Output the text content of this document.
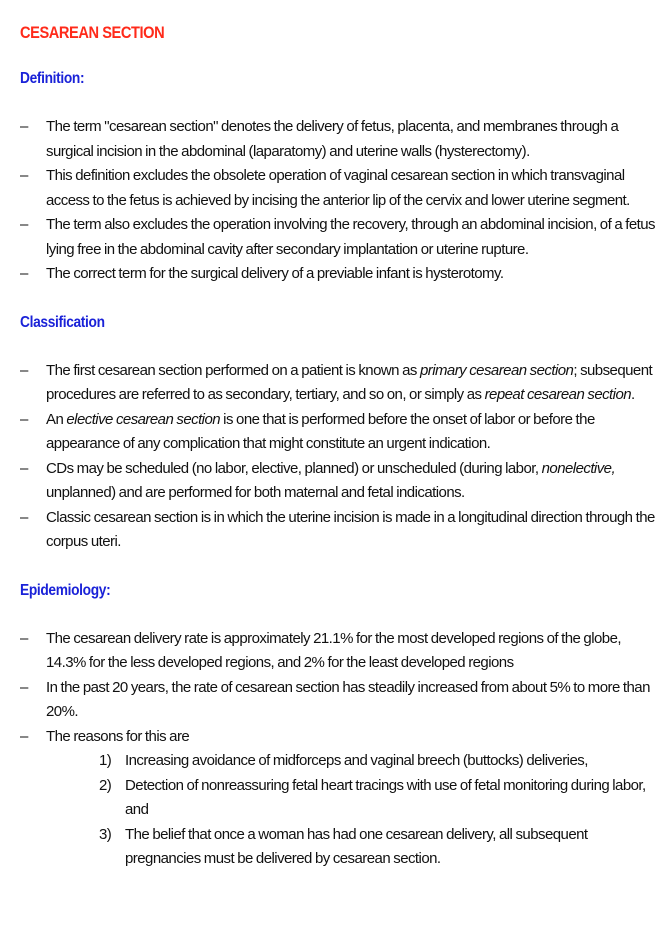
CESAREAN SECTION
Definition:
– The term "cesarean section" denotes the delivery of fetus, placenta, and membranes through a surgical incision in the abdominal (laparatomy) and uterine walls (hysterectomy).
– This definition excludes the obsolete operation of vaginal cesarean section in which transvaginal access to the fetus is achieved by incising the anterior lip of the cervix and lower uterine segment.
– The term also excludes the operation involving the recovery, through an abdominal incision, of a fetus lying free in the abdominal cavity after secondary implantation or uterine rupture.
– The correct term for the surgical delivery of a previable infant is hysterotomy.
Classification
– The first cesarean section performed on a patient is known as primary cesarean section; subsequent procedures are referred to as secondary, tertiary, and so on, or simply as repeat cesarean section.
– An elective cesarean section is one that is performed before the onset of labor or before the appearance of any complication that might constitute an urgent indication.
– CDs may be scheduled (no labor, elective, planned) or unscheduled (during labor, nonelective, unplanned) and are performed for both maternal and fetal indications.
– Classic cesarean section is in which the uterine incision is made in a longitudinal direction through the corpus uteri.
Epidemiology:
– The cesarean delivery rate is approximately 21.1% for the most developed regions of the globe, 14.3% for the less developed regions, and 2% for the least developed regions
– In the past 20 years, the rate of cesarean section has steadily increased from about 5% to more than 20%.
– The reasons for this are
1) Increasing avoidance of midforceps and vaginal breech (buttocks) deliveries,
2) Detection of nonreassuring fetal heart tracings with use of fetal monitoring during labor, and
3) The belief that once a woman has had one cesarean delivery, all subsequent pregnancies must be delivered by cesarean section.
